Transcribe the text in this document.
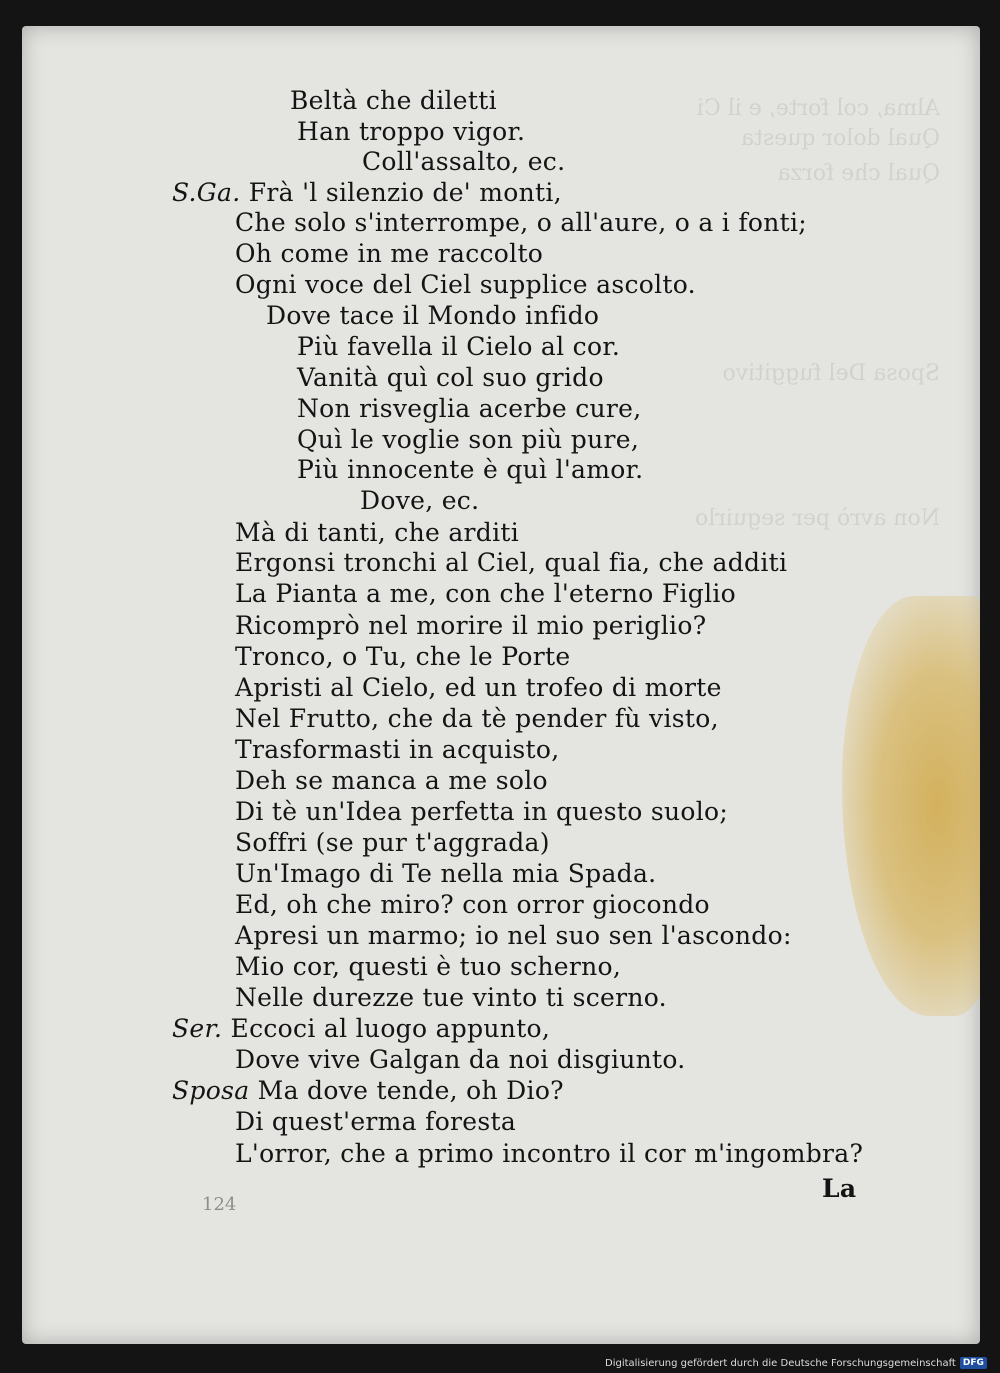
Alma, col forte, e il Ci
Qual dolor questa
Qual che forza
Sposa Del fuggitivo
Non avrò per seguirlo
Beltà che diletti
Han troppo vigor.
Coll'assalto, ec.
S.Ga. Frà 'l silenzio de' monti,
Che solo s'interrompe, o all'aure, o a i fonti;
Oh come in me raccolto
Ogni voce del Ciel supplice ascolto.
Dove tace il Mondo infido
Più favella il Cielo al cor.
Vanità quì col suo grido
Non risveglia acerbe cure,
Quì le voglie son più pure,
Più innocente è quì l'amor.
Dove, ec.
Mà di tanti, che arditi
Ergonsi tronchi al Ciel, qual fia, che additi
La Pianta a me, con che l'eterno Figlio
Ricomprò nel morire il mio periglio?
Tronco, o Tu, che le Porte
Apristi al Cielo, ed un trofeo di morte
Nel Frutto, che da tè pender fù visto,
Trasformasti in acquisto,
Deh se manca a me solo
Di tè un'Idea perfetta in questo suolo;
Soffri (se pur t'aggrada)
Un'Imago di Te nella mia Spada.
Ed, oh che miro? con orror giocondo
Apresi un marmo; io nel suo sen l'ascondo:
Mio cor, questi è tuo scherno,
Nelle durezze tue vinto ti scerno.
Ser. Eccoci al luogo appunto,
Dove vive Galgan da noi disgiunto.
Sposa Ma dove tende, oh Dio?
Di quest'erma foresta
L'orror, che a primo incontro il cor m'ingombra?
124
La
Digitalisierung gefördert durch die Deutsche Forschungsgemeinschaft DFG
